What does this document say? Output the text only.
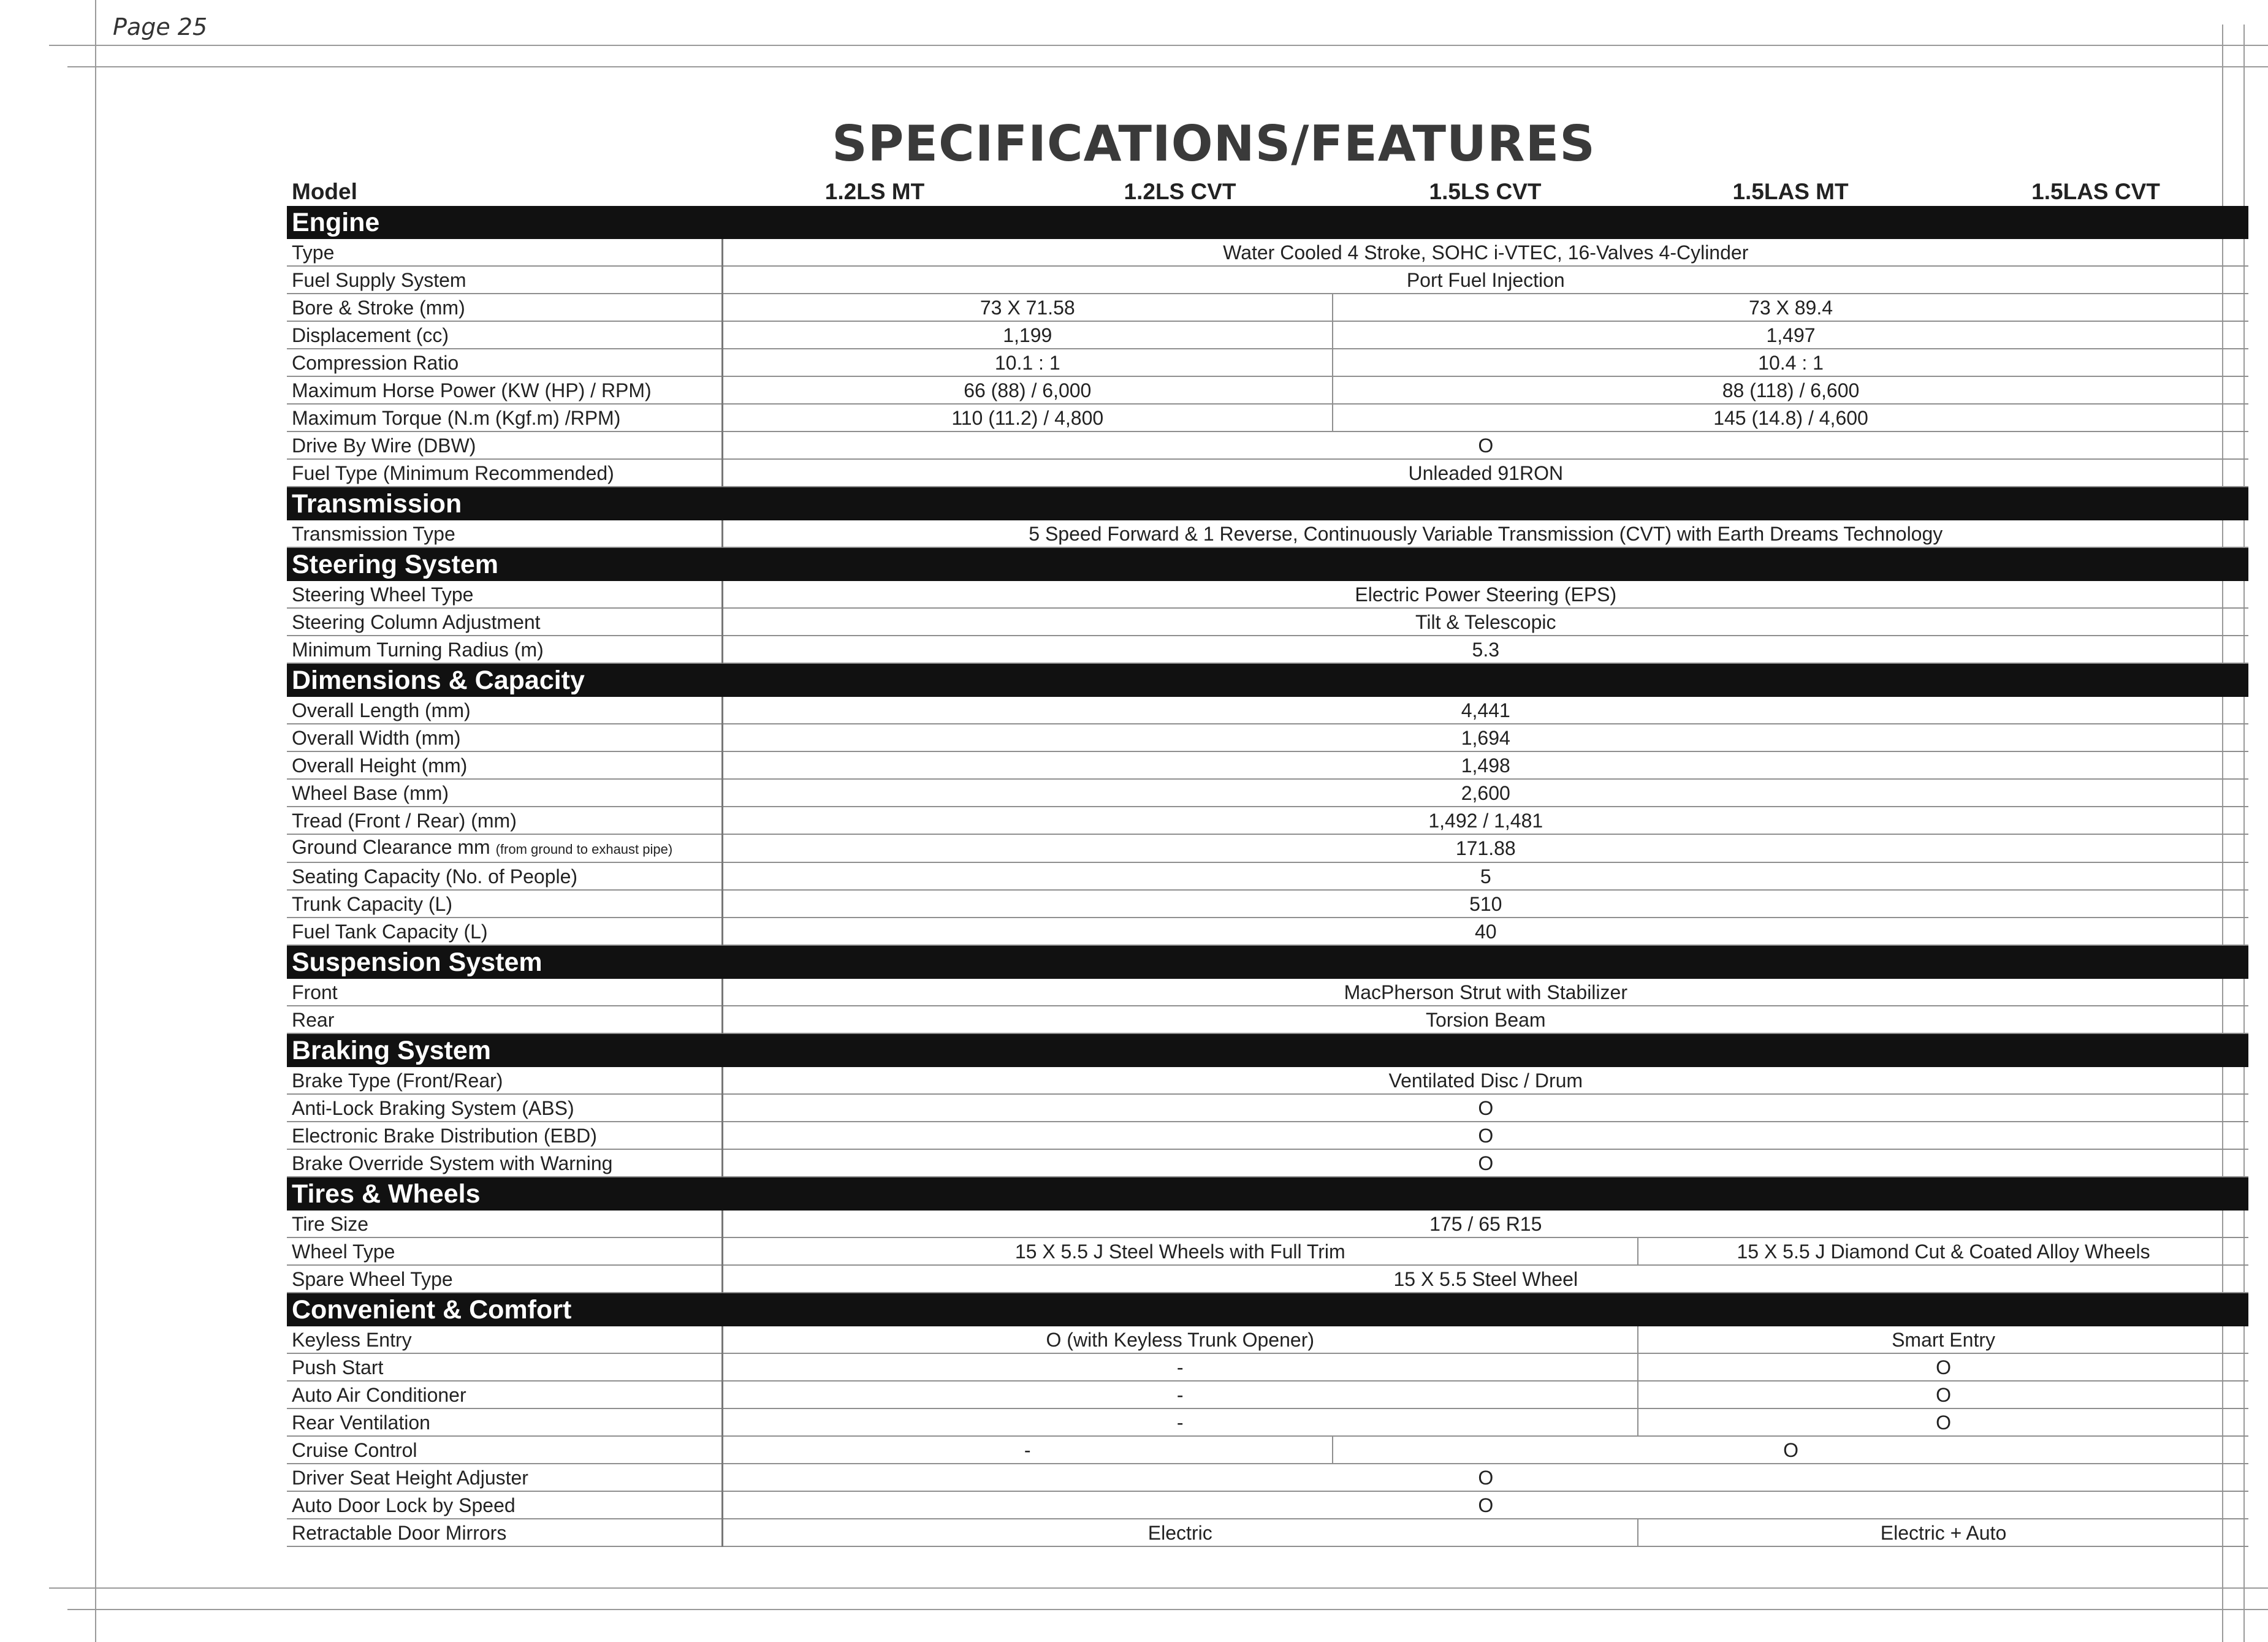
Page 25
SPECIFICATIONS/FEATURES
Model	1.2LS MT	1.2LS CVT	1.5LS CVT	1.5LAS MT	1.5LAS CVT
Engine					
Type	Water Cooled 4 Stroke, SOHC i-VTEC, 16-Valves 4-Cylinder				
Fuel Supply System	Port Fuel Injection				
Bore & Stroke (mm)	73 X 71.58		73 X 89.4		
Displacement (cc)	1,199		1,497		
Compression Ratio	10.1 : 1		10.4 : 1		
Maximum Horse Power (KW (HP) / RPM)	66 (88) / 6,000		88 (118) / 6,600		
Maximum Torque (N.m (Kgf.m) /RPM)	110 (11.2) / 4,800		145 (14.8) / 4,600		
Drive By Wire (DBW)	O				
Fuel Type (Minimum Recommended)	Unleaded 91RON				
Transmission					
Transmission Type	5 Speed Forward & 1 Reverse, Continuously Variable Transmission (CVT) with Earth Dreams Technology				
Steering System					
Steering Wheel Type	Electric Power Steering (EPS)				
Steering Column Adjustment	Tilt & Telescopic				
Minimum Turning Radius (m)	5.3				
Dimensions & Capacity					
Overall Length (mm)	4,441				
Overall Width (mm)	1,694				
Overall Height (mm)	1,498				
Wheel Base (mm)	2,600				
Tread (Front / Rear) (mm)	1,492 / 1,481				
Ground Clearance mm (from ground to exhaust pipe)	171.88				
Seating Capacity (No. of People)	5				
Trunk Capacity (L)	510				
Fuel Tank Capacity (L)	40				
Suspension System					
Front	MacPherson Strut with Stabilizer				
Rear	Torsion Beam				
Braking System					
Brake Type (Front/Rear)	Ventilated Disc / Drum				
Anti-Lock Braking System (ABS)	O				
Electronic Brake Distribution (EBD)	O				
Brake Override System with Warning	O				
Tires & Wheels					
Tire Size	175 / 65 R15				
Wheel Type	15 X 5.5 J Steel Wheels with Full Trim			15 X 5.5 J Diamond Cut & Coated Alloy Wheels	
Spare Wheel Type	15 X 5.5 Steel Wheel				
Convenient & Comfort					
Keyless Entry	O (with Keyless Trunk Opener)			Smart Entry	
Push Start	-			O	
Auto Air Conditioner	-			O	
Rear Ventilation	-			O	
Cruise Control	-		O		
Driver Seat Height Adjuster	O				
Auto Door Lock by Speed	O				
Retractable Door Mirrors	Electric			Electric + Auto	
